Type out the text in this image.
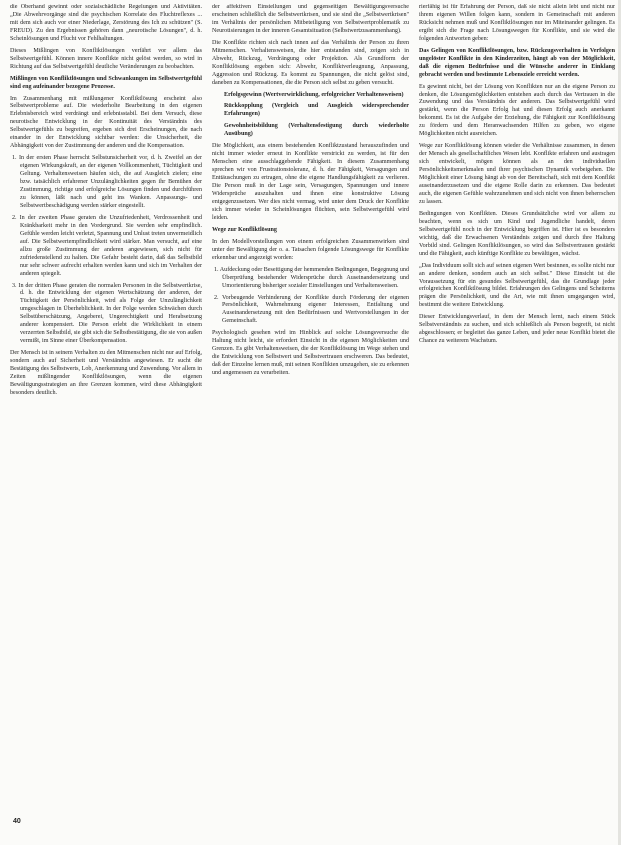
die Oberhand gewinnt oder sozialschädliche Regelungen und Aktivitäten. „Die Abwehrvorgänge sind die psychischen Korrelate des Fluchtreflexes ... mit dem sich auch vor einer Niederlage, Zerstörung des Ich zu schützen" (S. FREUD). Zu den Ergebnissen gehören dann „neurotische Lösungen", d. h. Scheinlösungen und Flucht vor Fehlhaltungen.

Dieses Mißlingen von Konfliktlösungen verfährt vor allem das Selbstwertgefühl. Können innere Konflikte nicht gelöst werden, so wird in Richtung auf das Selbstwertgefühl deutliche Veränderungen zu beobachten.

Mißlingen von Konfliktlösungen und Schwankungen im Selbstwertgefühl sind eng aufeinander bezogene Prozesse.

Im Zusammenhang mit mißlungener Konfliktlösung erscheint also Selbstwertprobleme auf. Die wiederholte Bearbeitung in den eigenen Erlebnisbereich wird verdrängt und erlebnisstabil. Bei dem Versuch, diese neurotische Entwicklung in der Kontinuität des Verständnis des Selbstwertgefühls zu begreifen, ergeben sich drei Erscheinungen, die nach einander in der Entwicklung sichtbar werden: die Unsicherheit, die Abhängigkeit von der Zustimmung der anderen und die Kompensation.

1. In der ersten Phase herrscht Selbstunsicherheit vor, d. h. Zweifel an der eigenen Wirkungskraft, an der eigenen Vollkommenheit, Tüchtigkeit und Geltung. Verhaltensweisen häufen sich, die auf Ausgleich zielen; eine bzw. tatsächlich erfahrener Unzulänglichkeiten gegen ihr Bemühen der Zustimmung, richtige und erfolgreiche Lösungen finden und durchführen zu können, läßt nach und geht ins Wanken. Anpassungs- und Selbstwertbeschädigung werden stärker eingestellt.

2. In der zweiten Phase geraten die Unzufriedenheit, Verdrossenheit und Kränkbarkeit mehr in den Vordergrund. Sie werden sehr empfindlich. Gefühle werden leicht verletzt, Spannung und Unlust treten unvermeidlich auf. Die Selbstwertempfindlichkeit wird stärker. Man versucht, auf eine allzu große Zustimmung der anderen angewiesen, sich nicht für zufriedenstellend zu halten. Die Gefahr besteht darin, daß das Selbstbild nur sehr schwer aufrecht erhalten werden kann und sich im Verhalten der anderen spiegelt.

3. In der dritten Phase geraten die normalen Personen in die Selbstwertkrise, d. h. die Entwicklung der eigenen Wertschätzung der anderen, der Tüchtigkeit der Persönlichkeit, wird als Folge der Unzulänglichkeit umgeschlagen in Überheblichkeit. In der Folge werden Schwächen durch Selbstüberschätzung, Angeberei, Ungerechtigkeit und Herabsetzung anderer kompensiert. Die Person erlebt die Wirklichkeit in einem verzerrten Selbstbild, sie gibt sich die Selbstbestätigung, die sie von außen vermißt, im Sinne einer Überkompensation.

Der Mensch ist in seinem Verhalten zu den Mitmenschen nicht nur auf Erfolg, sondern auch auf Sicherheit und Verständnis angewiesen. Er sucht die Bestätigung des Selbstwerts, Lob, Anerkennung und Zuwendung. Vor allem in Zeiten mißlingender Konfliktlösungen, wenn die eigenen Bewältigungsstrategien an ihre Grenzen kommen, wird diese Abhängigkeit besonders deutlich.

der affektiven Einstellungen und gegenseitigen Bewältigungsversuche erscheinen schließlich die Selbstwertkrisen, und sie sind die „Selbstwertkrisen" im Verhältnis der persönlichen Mitbeteiligung von Selbstwertproblematik zu Neurotisierungen in der inneren Gesamtsituation (Selbstwertzusammenhang).

Die Konflikte richten sich nach innen auf das Verhältnis der Person zu ihren Mitmenschen. Verhaltensweisen, die hier entstanden sind, zeigen sich in Abwehr, Rückzug, Verdrängung oder Projektion. Als Grundform der Konfliktlösung ergeben sich: Abwehr, Konfliktverleugnung, Anpassung, Aggression und Rückzug. Es kommt zu Spannungen, die nicht gelöst sind, daneben zu Kompensationen, die die Person sich selbst zu geben versucht.

Erfolgsgewinn (Wertverwirklichung, erfolgreicher Verhaltensweisen)

Rückkopplung (Vergleich und Ausgleich widersprechender Erfahrungen)

Gewohnheitsbildung (Verhaltensfestigung durch wiederholte Ausübung)

Die Möglichkeit, aus einem bestehenden Konfliktzustand herauszufinden und nicht immer wieder erneut in Konflikte verstrickt zu werden, ist für den Menschen eine ausschlaggebende Fähigkeit. In diesem Zusammenhang sprechen wir von Frustrationstoleranz, d. h. der Fähigkeit, Versagungen und Enttäuschungen zu ertragen, ohne die eigene Handlungsfähigkeit zu verlieren. Die Person muß in der Lage sein, Versagungen, Spannungen und innere Widersprüche auszuhalten und ihnen eine konstruktive Lösung entgegenzusetzen. Wer dies nicht vermag, wird unter dem Druck der Konflikte sich immer wieder in Scheinlösungen flüchten, sein Selbstwertgefühl wird leiden.

Wege zur Konfliktlösung

In den Modellvorstellungen von einem erfolgreichen Zusammenwirken sind unter der Bewältigung der o. a. Tatsachen folgende Lösungswege für Konflikte erkennbar und angezeigt worden:

1. Aufdeckung oder Beseitigung der hemmenden Bedingungen, Begegnung und Überprüfung bestehender Widersprüche durch Auseinandersetzung und Umorientierung bisheriger sozialer Einstellungen und Verhaltensweisen.

2. Vorbeugende Verhinderung der Konflikte durch Förderung der eigenen Persönlichkeit, Wahrnehmung eigener Interessen, Entfaltung und Auseinandersetzung mit den Bedürfnissen und Wertvorstellungen in der Gemeinschaft.

Psychologisch gesehen wird im Hinblick auf solche Lösungsversuche die Haltung nicht leicht, sie erfordert Einsicht in die eigenen Möglichkeiten und Grenzen. Es gibt Verhaltensweisen, die der Konfliktlösung im Wege stehen und die Entwicklung von Selbstwert und Selbstvertrauen erschweren. Das bedeutet, daß der Einzelne lernen muß, mit seinen Konflikten umzugehen, sie zu erkennen und angemessen zu verarbeiten.

rierfähig ist für Erfahrung der Person, daß sie nicht allein lebt und nicht nur ihrem eigenen Willen folgen kann, sondern in Gemeinschaft mit anderen Rücksicht nehmen muß und Konfliktlösungen nur im Miteinander gelingen. Es ergibt sich die Frage nach Lösungswegen für Konflikte, und sie wird die folgenden Antworten geben:

Das Gelingen von Konfliktlösungen, bzw. Rückzugsverhalten in Verfolgen ungelöster Konflikte in den Kinderzeiten, hängt ab von der Möglichkeit, daß die eigenen Bedürfnisse und die Wünsche anderer in Einklang gebracht werden und bestimmte Lebensziele erreicht werden.

Es gewinnt nicht, bei der Lösung von Konflikten nur an die eigene Person zu denken, die Lösungsmöglichkeiten entstehen auch durch das Vertrauen in die Zuwendung und das Verständnis der anderen. Das Selbstwertgefühl wird gestärkt, wenn die Person Erfolg hat und diesen Erfolg auch anerkannt bekommt. Es ist die Aufgabe der Erziehung, die Fähigkeit zur Konfliktlösung zu fördern und dem Heranwachsenden Hilfen zu geben, wo eigene Möglichkeiten nicht ausreichen.

Wege zur Konfliktlösung können wieder die Verhältnisse zusammen, in denen der Mensch als gesellschaftliches Wesen lebt. Konflikte erfahren und austragen sich entwickelt, mögen können als an den individuellen Persönlichkeitsmerkmalen und ihrer psychischen Dynamik vorbeigehen. Die Möglichkeit einer Lösung hängt ab von der Bereitschaft, sich mit dem Konflikt auseinanderzusetzen und die eigene Rolle darin zu erkennen. Das bedeutet auch, die eigenen Gefühle wahrzunehmen und sich nicht von ihnen beherrschen zu lassen.

Bedingungen von Konflikten. Dieses Grundsätzliche wird vor allem zu beachten, wenn es sich um Kind und Jugendliche handelt, deren Selbstwertgefühl noch in der Entwicklung begriffen ist. Hier ist es besonders wichtig, daß die Erwachsenen Verständnis zeigen und durch ihre Haltung Vorbild sind. Gelingen Konfliktlösungen, so wird das Selbstvertrauen gestärkt und die Fähigkeit, auch künftige Konflikte zu bewältigen, wächst.

„Das Individuum sollt sich auf seinen eigenen Wert besinnen, es sollte nicht nur an andere denken, sondern auch an sich selbst." Diese Einsicht ist die Voraussetzung für ein gesundes Selbstwertgefühl, das die Grundlage jeder erfolgreichen Konfliktlösung bildet. Erfahrungen des Gelingens und Scheiterns prägen die Persönlichkeit, und die Art, wie mit ihnen umgegangen wird, bestimmt die weitere Entwicklung.

Dieser Entwicklungsverlauf, in dem der Mensch lernt, nach einem Stück Selbstverständnis zu suchen, und sich schließlich als Person begreift, ist nicht abgeschlossen; er begleitet das ganze Leben, und jeder neue Konflikt bietet die Chance zu weiterem Wachstum.

40
